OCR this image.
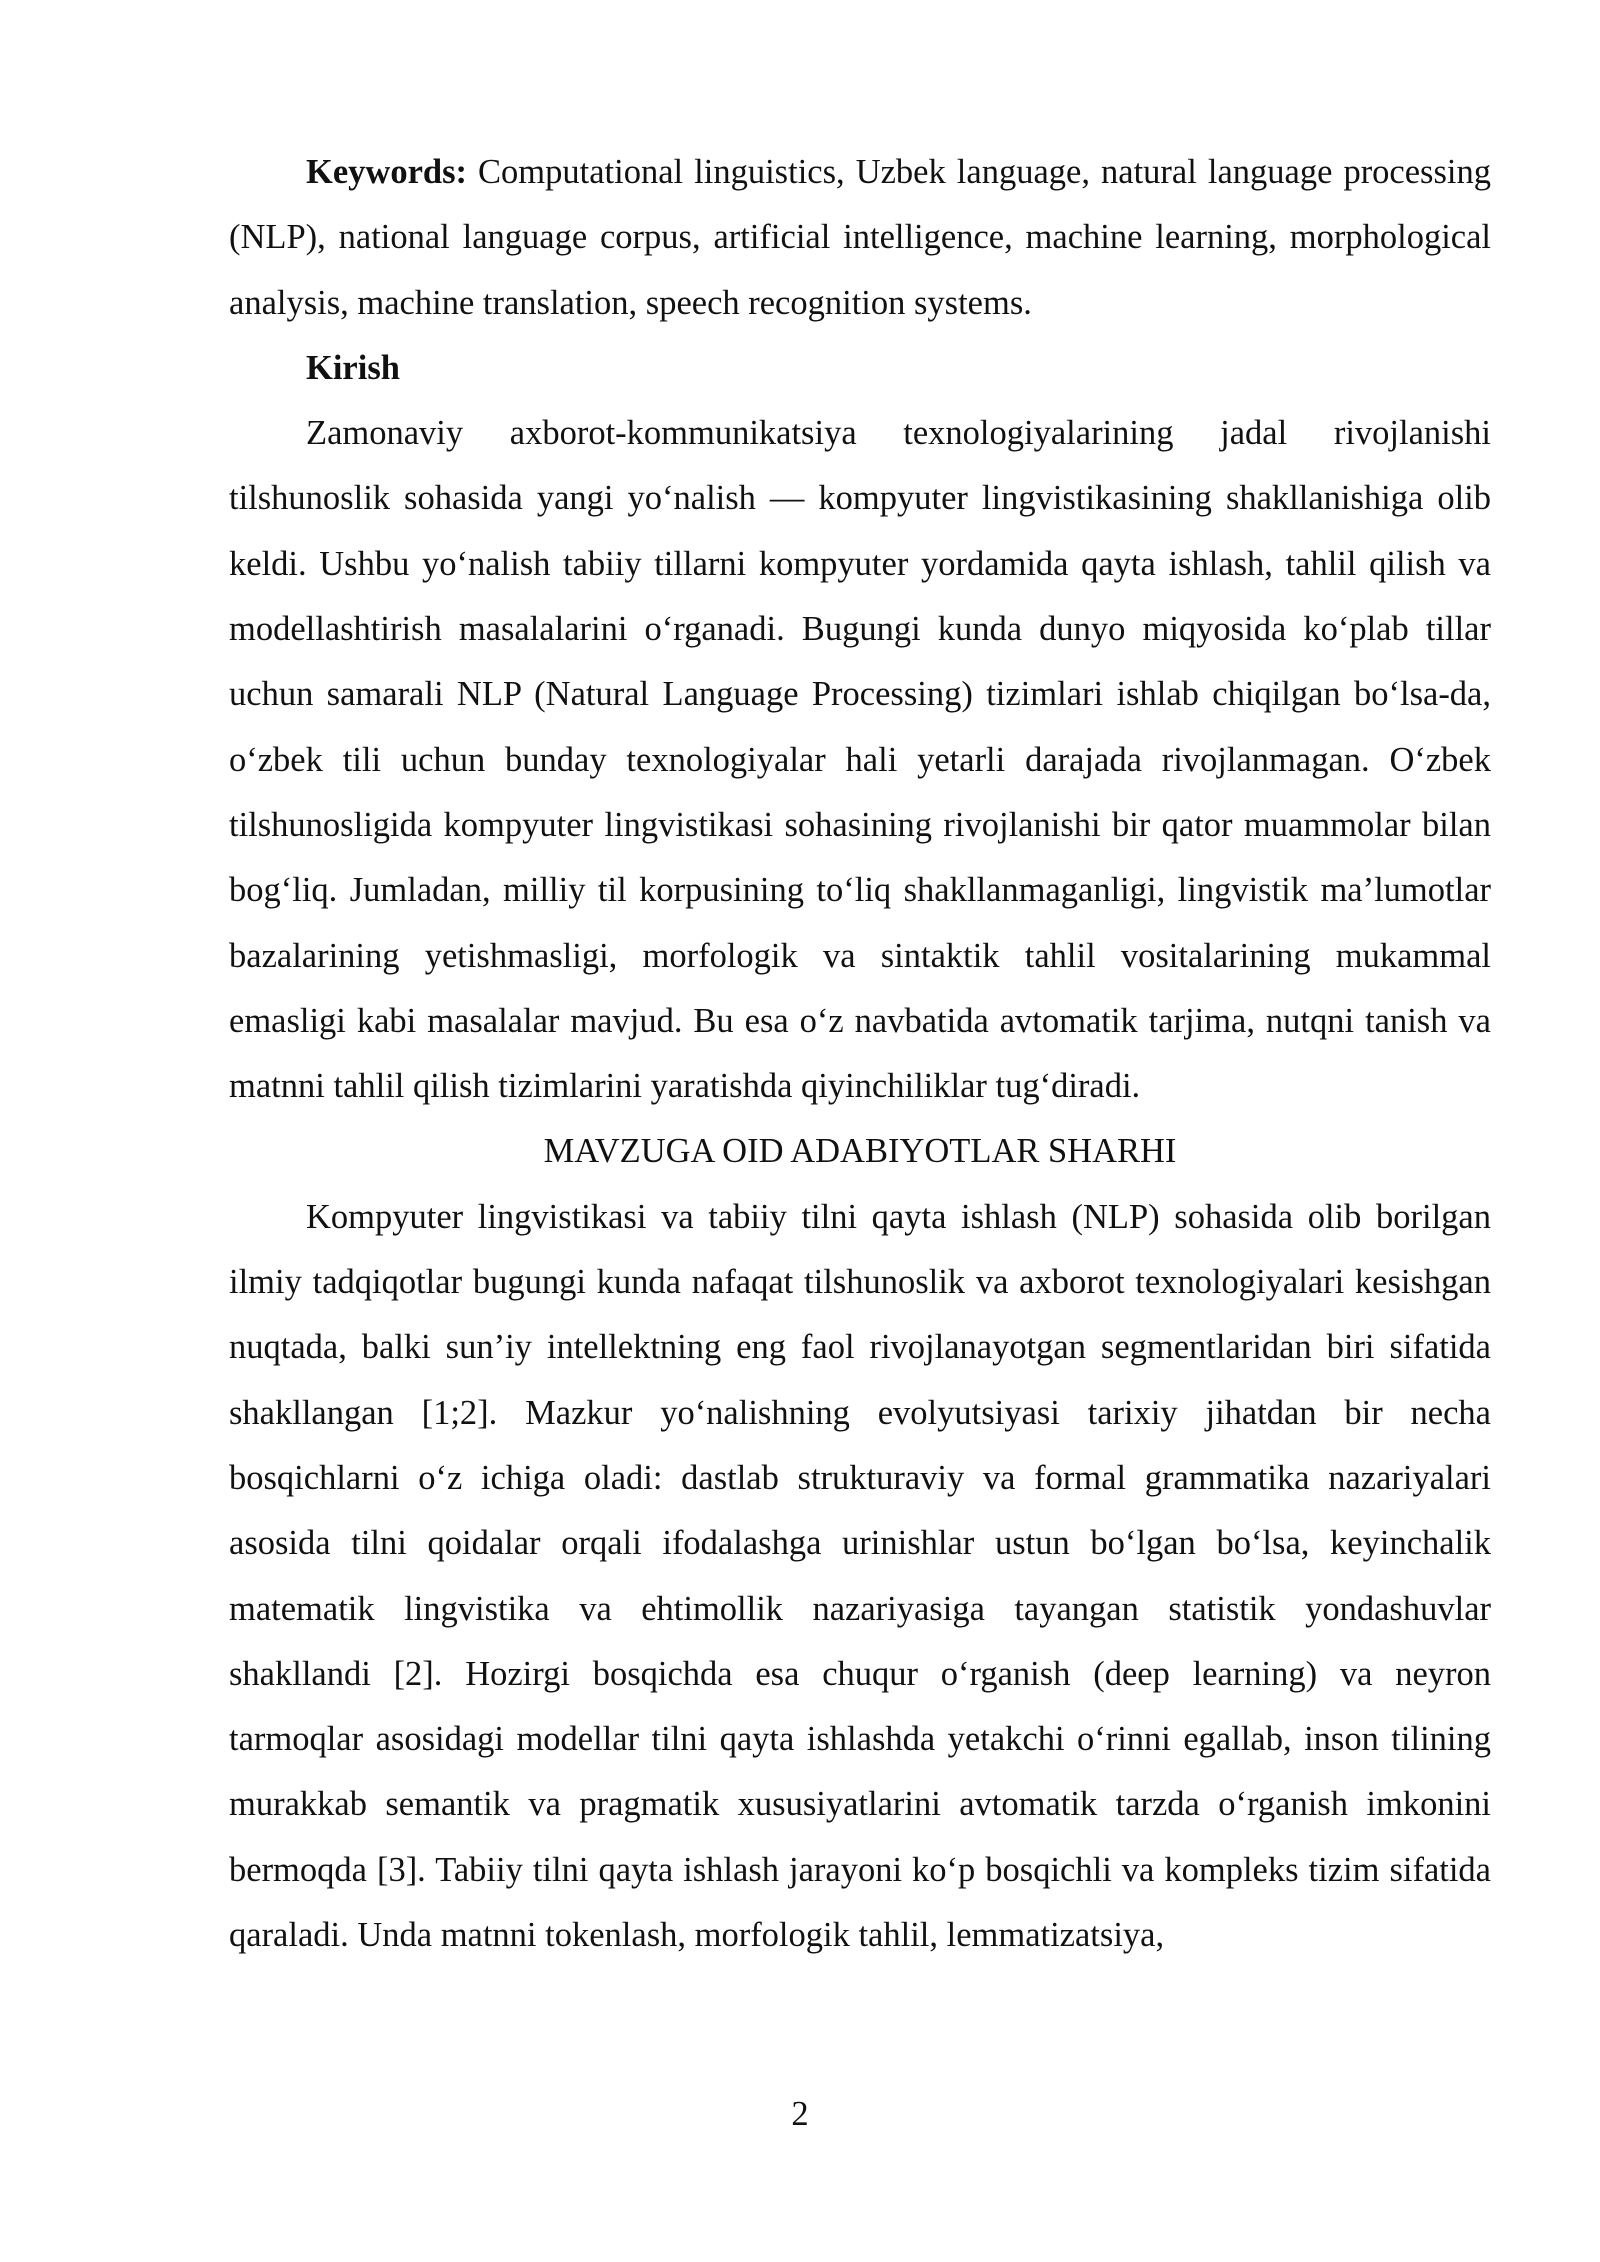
Keywords: Computational linguistics, Uzbek language, natural language processing (NLP), national language corpus, artificial intelligence, machine learning, morphological analysis, machine translation, speech recognition systems.

Kirish

Zamonaviy axborot-kommunikatsiya texnologiyalarining jadal rivojlanishi tilshunoslik sohasida yangi yo‘nalish — kompyuter lingvistikasining shakllanishiga olib keldi. Ushbu yo‘nalish tabiiy tillarni kompyuter yordamida qayta ishlash, tahlil qilish va modellashtirish masalalarini o‘rganadi. Bugungi kunda dunyo miqyosida ko‘plab tillar uchun samarali NLP (Natural Language Processing) tizimlari ishlab chiqilgan bo‘lsa-da, o‘zbek tili uchun bunday texnologiyalar hali yetarli darajada rivojlanmagan. O‘zbek tilshunosligida kompyuter lingvistikasi sohasining rivojlanishi bir qator muammolar bilan bog‘liq. Jumladan, milliy til korpusining to‘liq shakllanmaganligi, lingvistik ma’lumotlar bazalarining yetishmasligi, morfologik va sintaktik tahlil vositalarining mukammal emasligi kabi masalalar mavjud. Bu esa o‘z navbatida avtomatik tarjima, nutqni tanish va matnni tahlil qilish tizimlarini yaratishda qiyinchiliklar tug‘diradi.

MAVZUGA OID ADABIYOTLAR SHARHI

Kompyuter lingvistikasi va tabiiy tilni qayta ishlash (NLP) sohasida olib borilgan ilmiy tadqiqotlar bugungi kunda nafaqat tilshunoslik va axborot texnologiyalari kesishgan nuqtada, balki sun’iy intellektning eng faol rivojlanayotgan segmentlaridan biri sifatida shakllangan [1;2]. Mazkur yo‘nalishning evolyutsiyasi tarixiy jihatdan bir necha bosqichlarni o‘z ichiga oladi: dastlab strukturaviy va formal grammatika nazariyalari asosida tilni qoidalar orqali ifodalashga urinishlar ustun bo‘lgan bo‘lsa, keyinchalik matematik lingvistika va ehtimollik nazariyasiga tayangan statistik yondashuvlar shakllandi [2]. Hozirgi bosqichda esa chuqur o‘rganish (deep learning) va neyron tarmoqlar asosidagi modellar tilni qayta ishlashda yetakchi o‘rinni egallab, inson tilining murakkab semantik va pragmatik xususiyatlarini avtomatik tarzda o‘rganish imkonini bermoqda [3]. Tabiiy tilni qayta ishlash jarayoni ko‘p bosqichli va kompleks tizim sifatida qaraladi. Unda matnni tokenlash, morfologik tahlil, lemmatizatsiya,

2
